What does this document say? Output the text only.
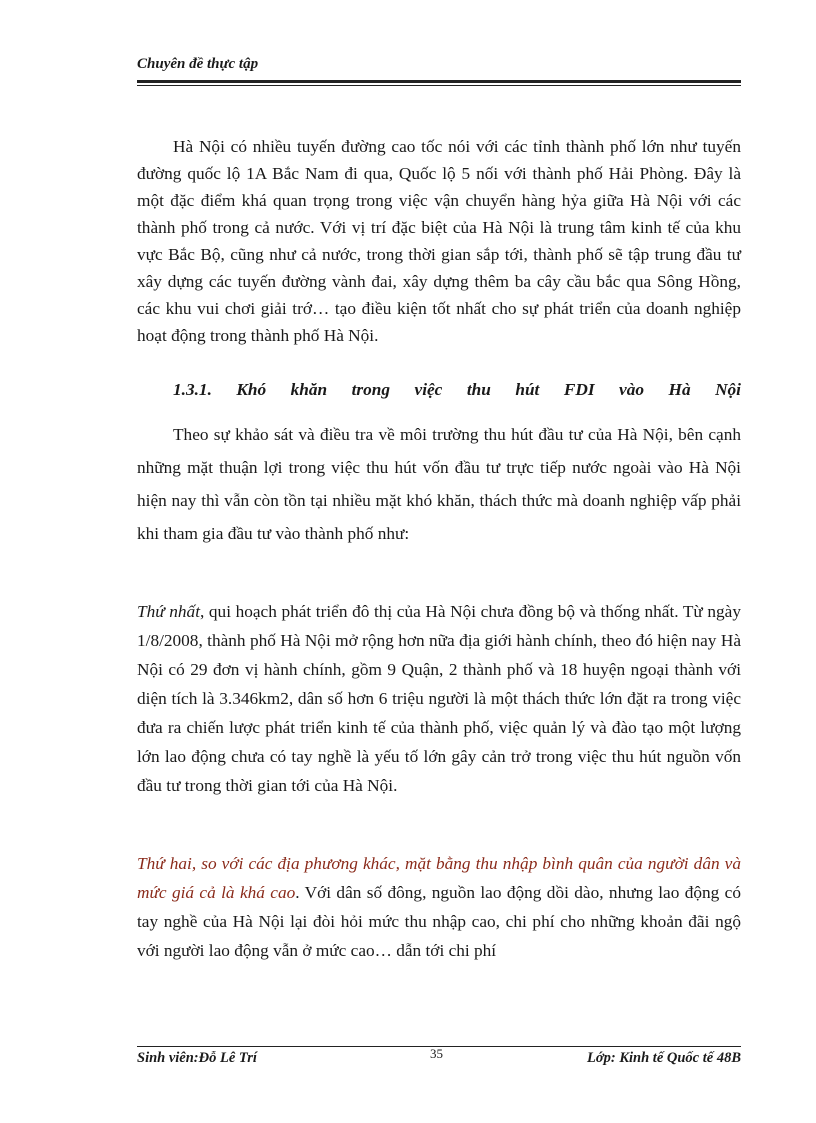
Chuyên đề thực tập

Hà Nội có nhiều tuyến đường cao tốc nói với các tỉnh thành phố lớn như tuyến đường quốc lộ 1A Bắc Nam đi qua, Quốc lộ 5 nối với thành phố Hải Phòng. Đây là một đặc điểm khá quan trọng trong việc vận chuyển hàng hỷa giữa Hà Nội với các thành phố trong cả nước. Với vị trí đặc biệt của Hà Nội là trung tâm kinh tế của khu vực Bắc Bộ, cũng như cả nước, trong thời gian sắp tới, thành phố sẽ tập trung đầu tư xây dựng các tuyến đường vành đai, xây dựng thêm ba cây cầu bắc qua Sông Hồng, các khu vui chơi giải trớ… tạo điều kiện tốt nhất cho sự phát triển của doanh nghiệp hoạt động trong thành phố Hà Nội.

1.3.1. Khó khăn trong việc thu hút FDI vào Hà Nội

Theo sự khảo sát và điều tra về môi trường thu hút đầu tư của Hà Nội, bên cạnh những mặt thuận lợi trong việc thu hút vốn đầu tư trực tiếp nước ngoài vào Hà Nội hiện nay thì vẫn còn tồn tại nhiều mặt khó khăn, thách thức mà doanh nghiệp vấp phải khi tham gia đầu tư vào thành phố như:

Thứ nhất, qui hoạch phát triển đô thị của Hà Nội chưa đồng bộ và thống nhất. Từ ngày 1/8/2008, thành phố Hà Nội mở rộng hơn nữa địa giới hành chính, theo đó hiện nay Hà Nội có 29 đơn vị hành chính, gồm 9 Quận, 2 thành phố và 18 huyện ngoại thành với diện tích là 3.346km2, dân số hơn 6 triệu người là một thách thức lớn đặt ra trong việc đưa ra chiến lược phát triển kinh tế của thành phố, việc quản lý và đào tạo một lượng lớn lao động chưa có tay nghề là yếu tố lớn gây cản trở trong việc thu hút nguồn vốn đầu tư trong thời gian tới của Hà Nội.

Thứ hai, so với các địa phương khác, mặt bằng thu nhập bình quân của người dân và mức giá cả là khá cao. Với dân số đông, nguồn lao động dồi dào, nhưng lao động có tay nghề của Hà Nội lại đòi hỏi mức thu nhập cao, chi phí cho những khoản đãi ngộ với người lao động vẫn ở mức cao… dẫn tới chi phí

Sinh viên:Đỗ Lê Trí	35	Lớp: Kinh tế Quốc tế 48B
